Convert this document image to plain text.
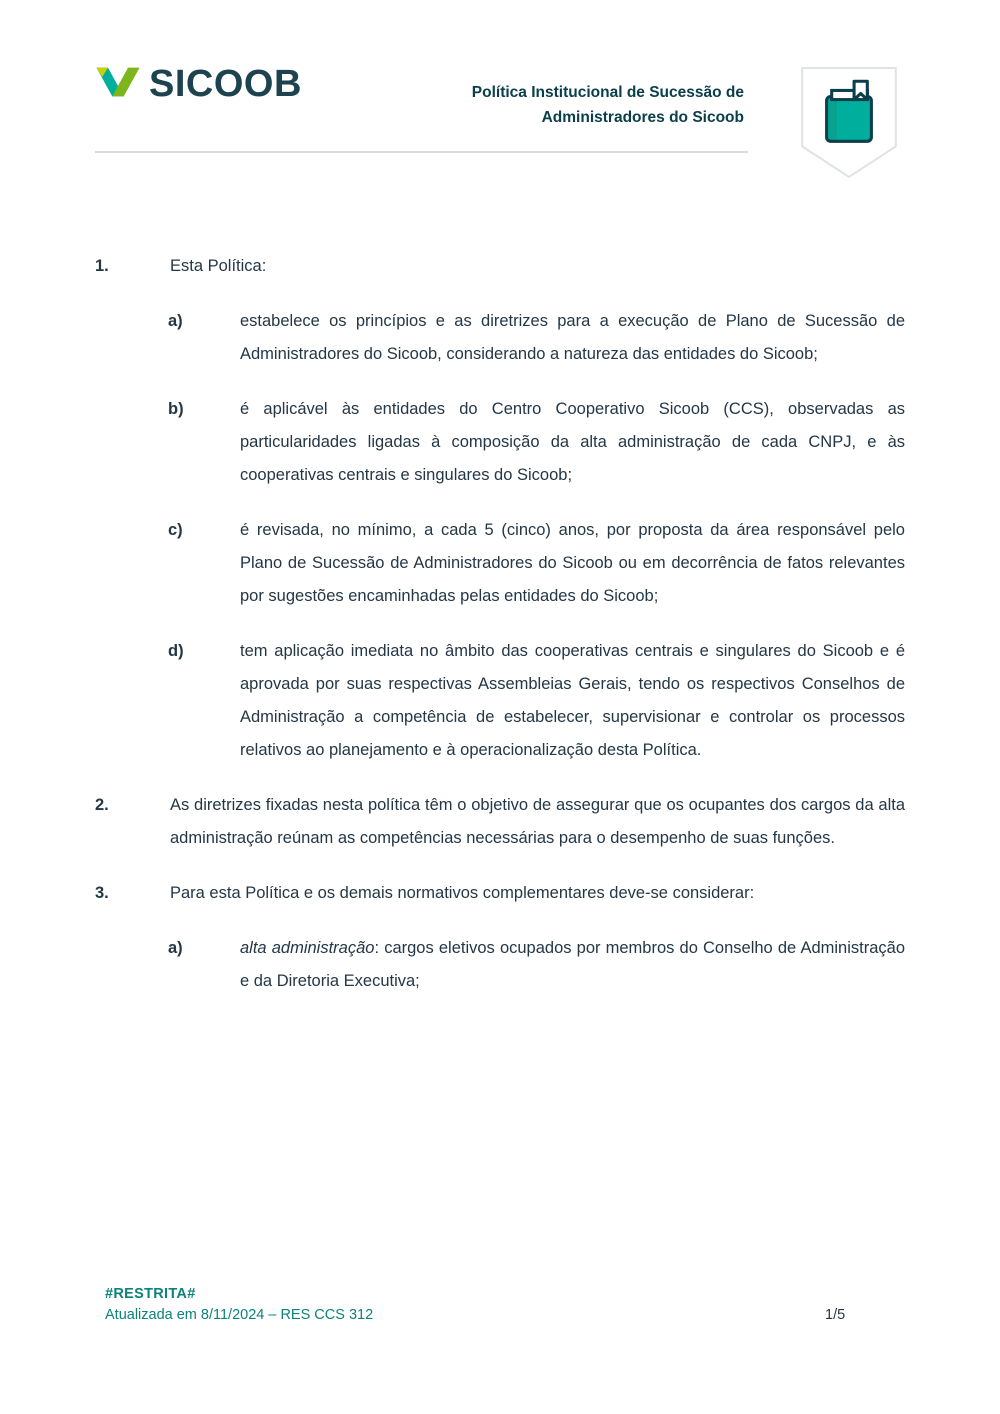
SICOOB	Política Institucional de Sucessão de
Administradores do Sicoob
1.	Esta Política:
a)	estabelece os princípios e as diretrizes para a execução de Plano de Sucessão de Administradores do Sicoob, considerando a natureza das entidades do Sicoob;
b)	é aplicável às entidades do Centro Cooperativo Sicoob (CCS), observadas as particularidades ligadas à composição da alta administração de cada CNPJ, e às cooperativas centrais e singulares do Sicoob;
c)	é revisada, no mínimo, a cada 5 (cinco) anos, por proposta da área responsável pelo Plano de Sucessão de Administradores do Sicoob ou em decorrência de fatos relevantes por sugestões encaminhadas pelas entidades do Sicoob;
d)	tem aplicação imediata no âmbito das cooperativas centrais e singulares do Sicoob e é aprovada por suas respectivas Assembleias Gerais, tendo os respectivos Conselhos de Administração a competência de estabelecer, supervisionar e controlar os processos relativos ao planejamento e à operacionalização desta Política.
2.	As diretrizes fixadas nesta política têm o objetivo de assegurar que os ocupantes dos cargos da alta administração reúnam as competências necessárias para o desempenho de suas funções.
3.	Para esta Política e os demais normativos complementares deve-se considerar:
a)	alta administração: cargos eletivos ocupados por membros do Conselho de Administração e da Diretoria Executiva;
#RESTRITA#
Atualizada em 8/11/2024 – RES CCS 312	1/5
